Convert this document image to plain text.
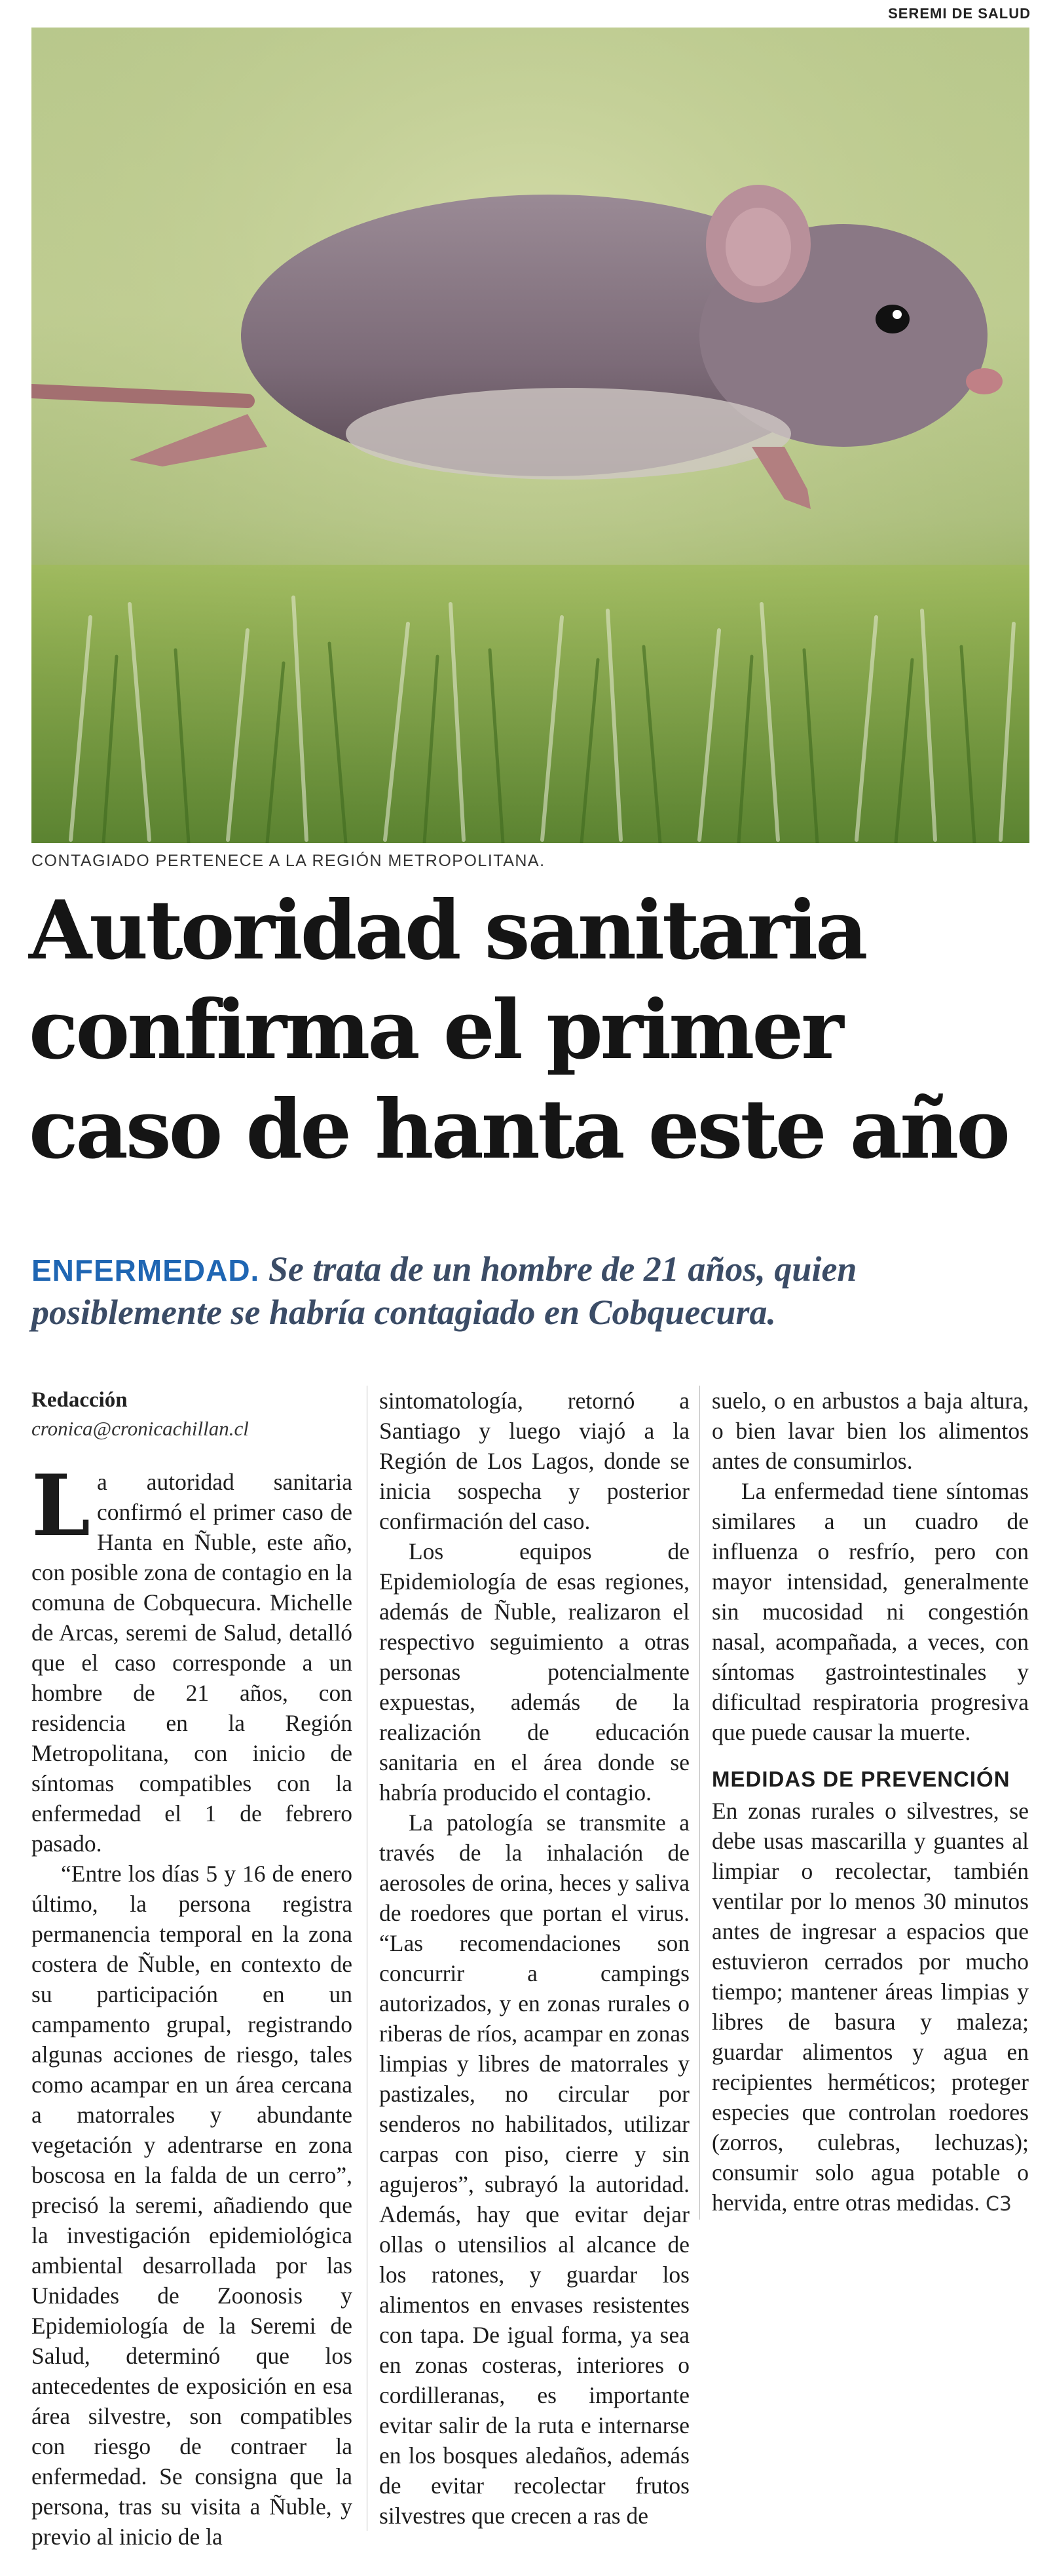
SEREMI DE SALUD
CONTAGIADO PERTENECE A LA REGIÓN METROPOLITANA.
Autoridad sanitaria
confirma el primer
caso de hanta este año
ENFERMEDAD. Se trata de un hombre de 21 años, quien posiblemente se habría contagiado en Cobquecura.
Redacción
cronica@cronicachillan.cl

La autoridad sanitaria confirmó el primer caso de Hanta en Ñuble, este año, con posible zona de contagio en la comuna de Cobquecura. Michelle de Arcas, seremi de Salud, detalló que el caso corresponde a un hombre de 21 años, con residencia en la Región Metropolitana, con inicio de síntomas compatibles con la enfermedad el 1 de febrero pasado.

“Entre los días 5 y 16 de enero último, la persona registra permanencia temporal en la zona costera de Ñuble, en contexto de su participación en un campamento grupal, registrando algunas acciones de riesgo, tales como acampar en un área cercana a matorrales y abundante vegetación y adentrarse en zona boscosa en la falda de un cerro”, precisó la seremi, añadiendo que la investigación epidemiológica ambiental desarrollada por las Unidades de Zoonosis y Epidemiología de la Seremi de Salud, determinó que los antecedentes de exposición en esa área silvestre, son compatibles con riesgo de contraer la enfermedad. Se consigna que la persona, tras su visita a Ñuble, y previo al inicio de la

sintomatología, retornó a Santiago y luego viajó a la Región de Los Lagos, donde se inicia sospecha y posterior confirmación del caso.

Los equipos de Epidemiología de esas regiones, además de Ñuble, realizaron el respectivo seguimiento a otras personas potencialmente expuestas, además de la realización de educación sanitaria en el área donde se habría producido el contagio.

La patología se transmite a través de la inhalación de aerosoles de orina, heces y saliva de roedores que portan el virus. “Las recomendaciones son concurrir a campings autorizados, y en zonas rurales o riberas de ríos, acampar en zonas limpias y libres de matorrales y pastizales, no circular por senderos no habilitados, utilizar carpas con piso, cierre y sin agujeros”, subrayó la autoridad. Además, hay que evitar dejar ollas o utensilios al alcance de los ratones, y guardar los alimentos en envases resistentes con tapa. De igual forma, ya sea en zonas costeras, interiores o cordilleranas, es importante evitar salir de la ruta e internarse en los bosques aledaños, además de evitar recolectar frutos silvestres que crecen a ras de

suelo, o en arbustos a baja altura, o bien lavar bien los alimentos antes de consumirlos.

La enfermedad tiene síntomas similares a un cuadro de influenza o resfrío, pero con mayor intensidad, generalmente sin mucosidad ni congestión nasal, acompañada, a veces, con síntomas gastrointestinales y dificultad respiratoria progresiva que puede causar la muerte.

MEDIDAS DE PREVENCIÓN

En zonas rurales o silvestres, se debe usas mascarilla y guantes al limpiar o recolectar, también ventilar por lo menos 30 minutos antes de ingresar a espacios que estuvieron cerrados por mucho tiempo; mantener áreas limpias y libres de basura y maleza; guardar alimentos y agua en recipientes herméticos; proteger especies que controlan roedores (zorros, culebras, lechuzas); consumir solo agua potable o hervida, entre otras medidas. C3
